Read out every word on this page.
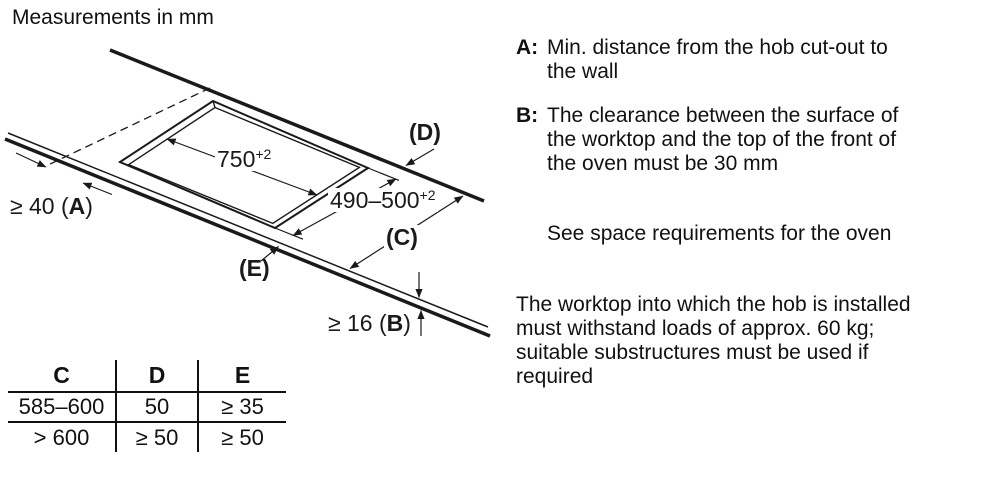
Measurements in mm
$750^{+2}$
$490-500^{+2}$
(D)
(C)
(E)
≥ 40 (A)
≥ 16 (B)
C	D	E
585–600	50	≥ 35
> 600	≥ 50	≥ 50
A: Min. distance from the hob cut-out to
the wall
B: The clearance between the surface of
the worktop and the top of the front of
the oven must be 30 mm
See space requirements for the oven
The worktop into which the hob is installed
must withstand loads of approx. 60 kg;
suitable substructures must be used if
required
